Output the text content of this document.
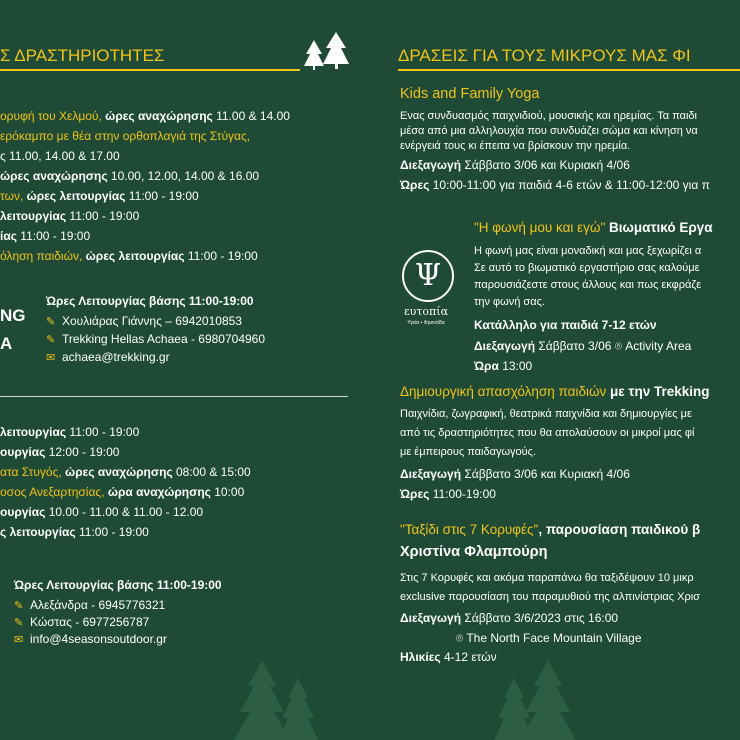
Σ ΔΡΑΣΤΗΡΙΟΤΗΤΕΣ
ορυφή του Χελμού, ώρες αναχώρησης 11.00 & 14.00
ερόκαμπο με θέα στην ορθοπλαγιά της Στύγας,
ς 11.00, 14.00 & 17.00
ώρες αναχώρησης 10.00, 12.00, 14.00 & 16.00
των, ώρες λειτουργίας 11:00 - 19:00
λειτουργίας 11:00 - 19:00
ίας 11:00 - 19:00
όληση παιδιών, ώρες λειτουργίας 11:00 - 19:00
NG
A
Ώρες Λειτουργίας βάσης 11:00-19:00
✎ Χουλιάρας Γιάννης – 6942010853
✎ Trekking Hellas Achaea - 6980704960
✉ achaea@trekking.gr
λειτουργίας 11:00 - 19:00
ουργίας 12:00 - 19:00
ατα Στυγός, ώρες αναχώρησης 08:00 & 15:00
οσος Ανεξαρτησίας, ώρα αναχώρησης 10:00
ουργίας 10.00 - 11.00 & 11.00 - 12.00
ς λειτουργίας 11:00 - 19:00
Ώρες Λειτουργίας βάσης 11:00-19:00
✎ Αλεξάνδρα - 6945776321
✎ Κώστας - 6977256787
✉ info@4seasonsoutdoor.gr
ΔΡΑΣΕΙΣ ΓΙΑ ΤΟΥΣ ΜΙΚΡΟΥΣ ΜΑΣ ΦΙ
Kids and Family Yoga
Ενας συνδυασμός παιχνιδιού, μουσικής και ηρεμίας. Τα παιδι
μέσα από μια αλληλουχία που συνδυάζει σώμα και κίνηση να
ενέργειά τους κι έπειτα να βρίσκουν την ηρεμία.
Διεξαγωγή Σάββατο 3/06 και Κυριακή 4/06
Ώρες 10:00-11:00 για παιδιά 4-6 ετών & 11:00-12:00 για π
Ψ
ευτοπία
Υγεία • Φροντίδα
"Η φωνή μου και εγώ" Βιωματικό Εργα
Η φωνή μας είναι μοναδική και μας ξεχωρίζει α
Σε αυτό το βιωματικό εργαστήριο σας καλούμε
παρουσιάζεστε στους άλλους και πως εκφράζε
την φωνή σας.
Κατάλληλο για παιδιά 7-12 ετών
Διεξαγωγή Σάββατο 3/06 ⌾ Activity Area
Ώρα 13:00
Δημιουργική απασχόληση παιδιών με την Trekking
Παιχνίδια, ζωγραφική, θεατρικά παιχνίδια και δημιουργίες με
από τις δραστηριότητες που θα απολαύσουν οι μικροί μας φί
με έμπειρους παιδαγωγούς.
Διεξαγωγή Σάββατο 3/06 και Κυριακή 4/06
Ώρες 11:00-19:00
"Ταξίδι στις 7 Κορυφές", παρουσίαση παιδικού β
Χριστίνα Φλαμπούρη
Στις 7 Κορυφές και ακόμα παραπάνω θα ταξιδέψουν 10 μικρ
exclusive παρουσίαση του παραμυθιού της αλπινίστριας Χρισ
Διεξαγωγή Σάββατο 3/6/2023 στις 16:00
⌾ The North Face Mountain Village
Ηλικίες 4-12 ετών
